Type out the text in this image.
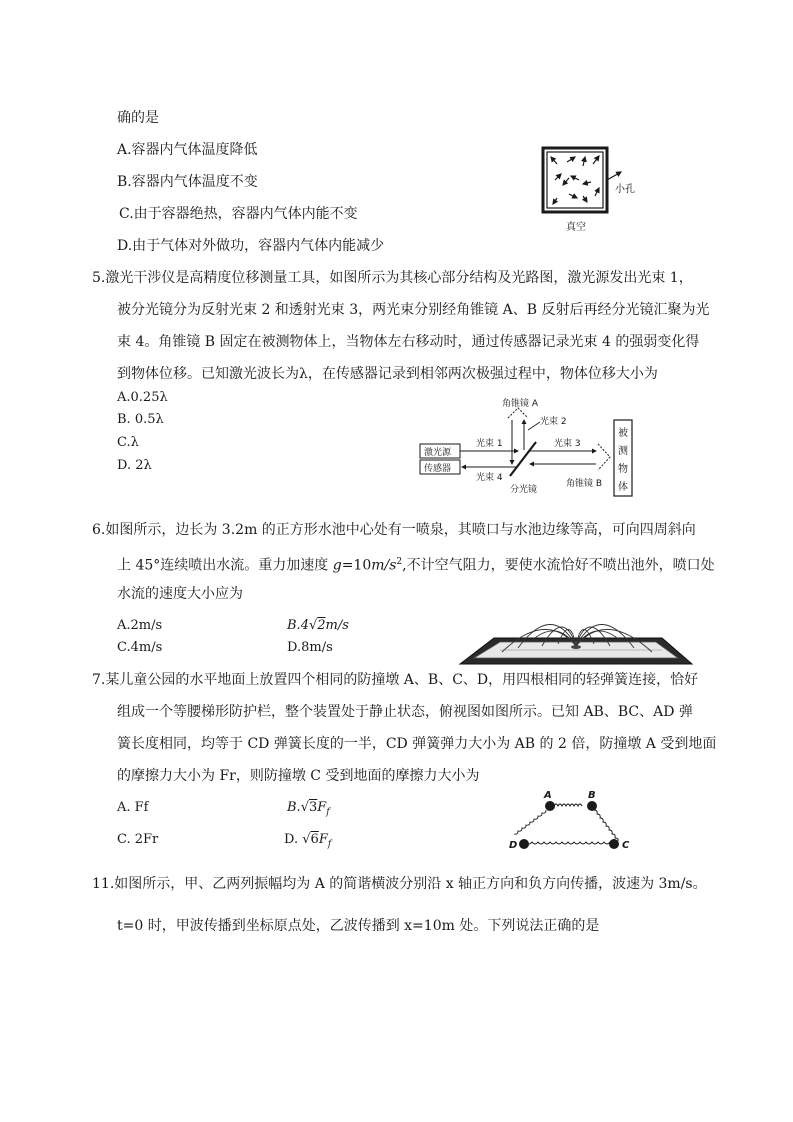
确的是
A.容器内气体温度降低
B.容器内气体温度不变
C.由于容器绝热，容器内气体内能不变
D.由于气体对外做功，容器内气体内能减少
小孔
真空
5.激光干涉仪是高精度位移测量工具，如图所示为其核心部分结构及光路图，激光源发出光束 1，
被分光镜分为反射光束 2 和透射光束 3，两光束分别经角锥镜 A、B 反射后再经分光镜汇聚为光
束 4。角锥镜 B 固定在被测物体上，当物体左右移动时，通过传感器记录光束 4 的强弱变化得
到物体位移。已知激光波长为λ，在传感器记录到相邻两次极强过程中，物体位移大小为
A.0.25λ
B. 0.5λ
C.λ
D. 2λ
激光源
传感器
光束 1
光束 4
分光镜
角锥镜 A
光束 2
光束 3
角锥镜 B
被
测
物
体
6.如图所示，边长为 3.2m 的正方形水池中心处有一喷泉，其喷口与水池边缘等高，可向四周斜向
上 45°连续喷出水流。重力加速度 $g=10m/s^2$,不计空气阻力，要使水流恰好不喷出池外，喷口处
水流的速度大小应为
A.2m/s	B.4√2m/s
C.4m/s	D.8m/s
7.某儿童公园的水平地面上放置四个相同的防撞墩 A、B、C、D，用四根相同的轻弹簧连接，恰好
组成一个等腰梯形防护栏，整个装置处于静止状态，俯视图如图所示。已知 AB、BC、AD 弹
簧长度相同，均等于 CD 弹簧长度的一半，CD 弹簧弹力大小为 AB 的 2 倍，防撞墩 A 受到地面
的摩擦力大小为 Fr，则防撞墩 C 受到地面的摩擦力大小为
A. Ff	$B.√3F_f$
C. 2Fr	D. $√6F_f$
A	B
C
D
11.如图所示，甲、乙两列振幅均为 A 的简谐横波分别沿 x 轴正方向和负方向传播，波速为 3m/s。
t=0 时，甲波传播到坐标原点处，乙波传播到 x=10m 处。下列说法正确的是
